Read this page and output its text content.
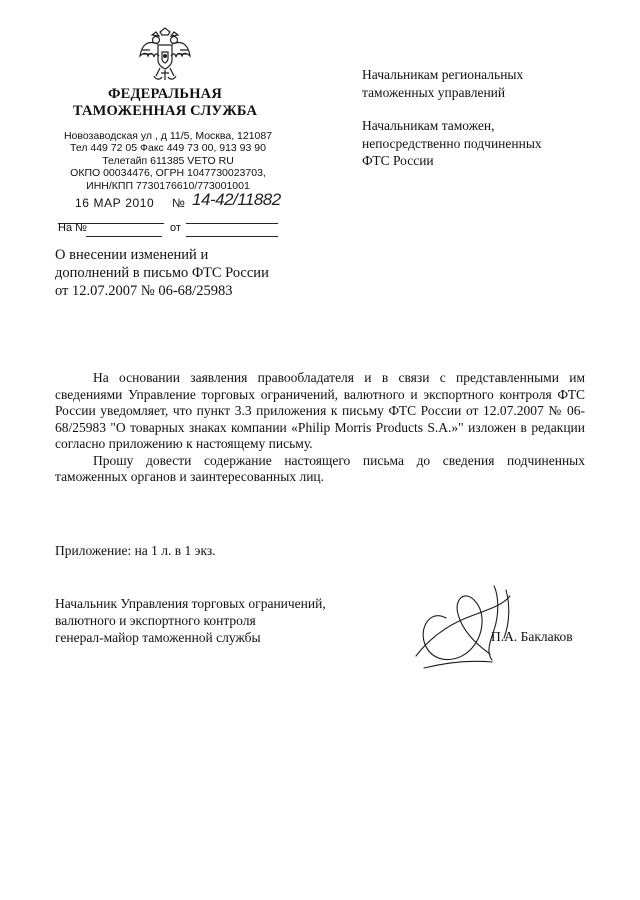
ФЕДЕРАЛЬНАЯ
ТАМОЖЕННАЯ СЛУЖБА
Новозаводская ул , д 11/5, Москва, 121087
Тел 449 72 05 Факс 449 73 00, 913 93 90
Телетайп 611385 VETO RU
ОКПО 00034476, ОГРН 1047730023703,
ИНН/КПП 7730176610/773001001
16 МАР 2010 № 14-42/11882
На №	от

Начальникам региональных
таможенных управлений

Начальникам таможен,
непосредственно подчиненных
ФТС России

О внесении изменений и
дополнений в письмо ФТС России
от 12.07.2007 № 06-68/25983

На основании заявления правообладателя и в связи с представленными им сведениями Управление торговых ограничений, валютного и экспортного контроля ФТС России уведомляет, что пункт 3.3 приложения к письму ФТС России от 12.07.2007 № 06-68/25983 "О товарных знаках компании «Philip Morris Products S.A.»" изложен в редакции согласно приложению к настоящему письму.

Прошу довести содержание настоящего письма до сведения подчиненных таможенных органов и заинтересованных лиц.

Приложение: на 1 л. в 1 экз.
Начальник Управления торговых ограничений,
валютного и экспортного контроля
генерал-майор таможенной службы	П.А. Баклаков
